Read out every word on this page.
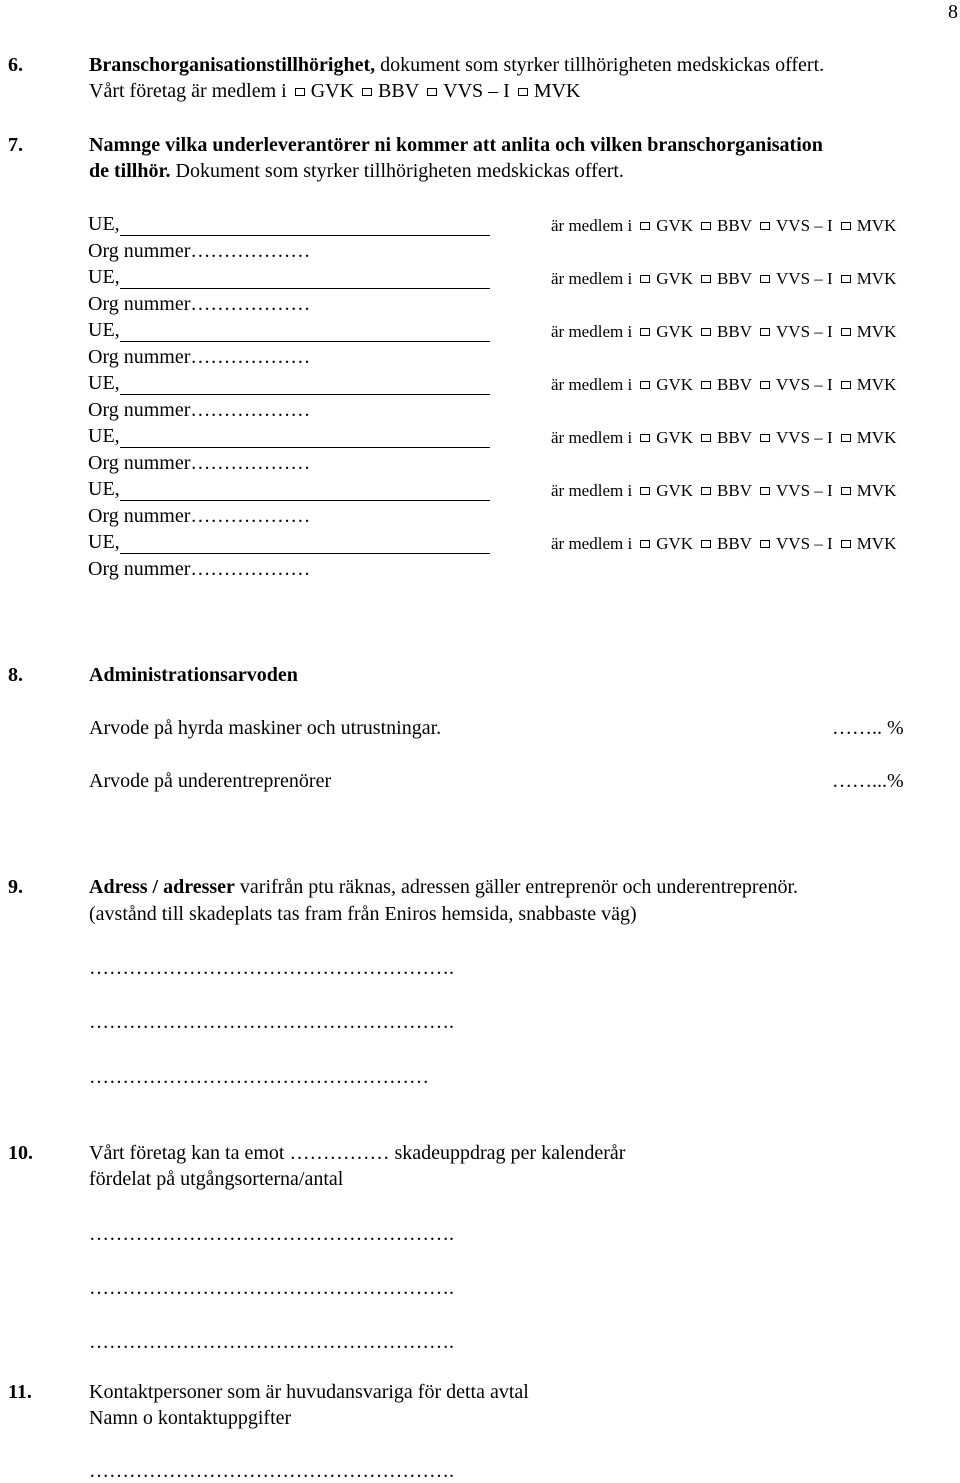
8
6.	Branschorganisationstillhörighet, dokument som styrker tillhörigheten medskickas offert.
Vårt företag är medlem i GVK BBV VVS – I MVK
7.	Namnge vilka underleverantörer ni kommer att anlita och vilken branschorganisation
de tillhör. Dokument som styrker tillhörigheten medskickas offert.
UE,	är medlem i GVK BBV VVS – I MVK
Org nummer………………
UE,	är medlem i GVK BBV VVS – I MVK
Org nummer………………
UE,	är medlem i GVK BBV VVS – I MVK
Org nummer………………
UE,	är medlem i GVK BBV VVS – I MVK
Org nummer………………
UE,	är medlem i GVK BBV VVS – I MVK
Org nummer………………
UE,	är medlem i GVK BBV VVS – I MVK
Org nummer………………
UE,	är medlem i GVK BBV VVS – I MVK
Org nummer………………
8.	Administrationsarvoden
Arvode på hyrda maskiner och utrustningar.	…….. %
Arvode på underentreprenörer	……...%
9.	Adress / adresser varifrån ptu räknas, adressen gäller entreprenör och underentreprenör.
(avstånd till skadeplats tas fram från Eniros hemsida, snabbaste väg)
……………………………………………….
……………………………………………….
……………………………………………
10.	Vårt företag kan ta emot …………… skadeuppdrag per kalenderår
fördelat på utgångsorterna/antal
……………………………………………….
……………………………………………….
……………………………………………….
11.	Kontaktpersoner som är huvudansvariga för detta avtal
Namn o kontaktuppgifter
……………………………………………….
